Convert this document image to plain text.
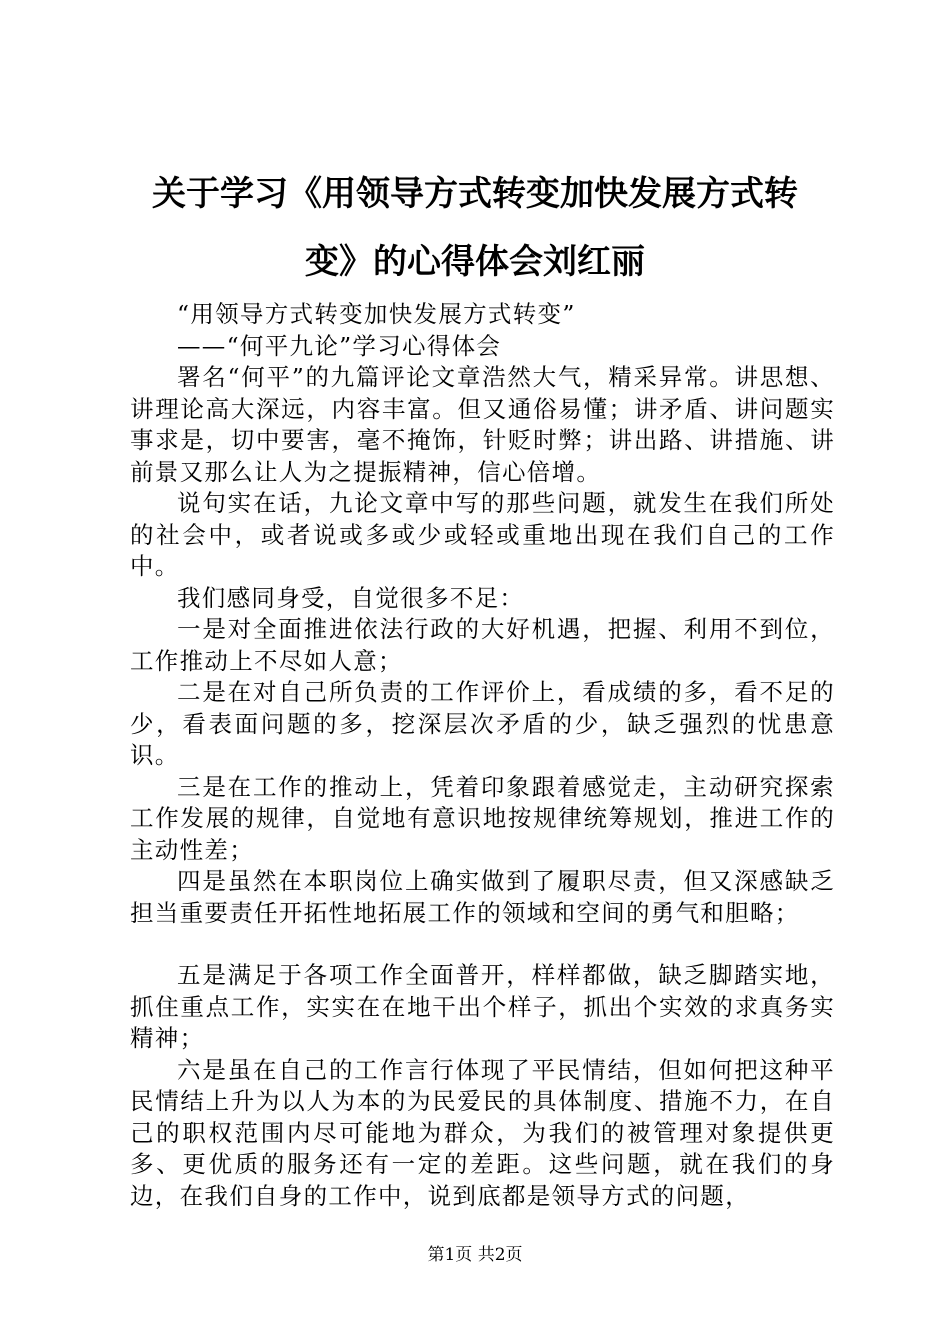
关于学习《用领导方式转变加快发展方式转
变》的心得体会刘红丽

“用领导方式转变加快发展方式转变”

——“何平九论”学习心得体会

署名“何平”的九篇评论文章浩然大气，精采异常。讲思想、讲理论高大深远，内容丰富。但又通俗易懂；讲矛盾、讲问题实事求是，切中要害，毫不掩饰，针贬时弊；讲出路、讲措施、讲前景又那么让人为之提振精神，信心倍增。

说句实在话，九论文章中写的那些问题，就发生在我们所处的社会中，或者说或多或少或轻或重地出现在我们自己的工作中。

我们感同身受，自觉很多不足：

一是对全面推进依法行政的大好机遇，把握、利用不到位，工作推动上不尽如人意；

二是在对自己所负责的工作评价上，看成绩的多，看不足的少，看表面问题的多，挖深层次矛盾的少，缺乏强烈的忧患意识。

三是在工作的推动上，凭着印象跟着感觉走，主动研究探索工作发展的规律，自觉地有意识地按规律统筹规划，推进工作的主动性差；

四是虽然在本职岗位上确实做到了履职尽责，但又深感缺乏担当重要责任开拓性地拓展工作的领域和空间的勇气和胆略；

五是满足于各项工作全面普开，样样都做，缺乏脚踏实地，抓住重点工作，实实在在地干出个样子，抓出个实效的求真务实精神；

六是虽在自己的工作言行体现了平民情结，但如何把这种平民情结上升为以人为本的为民爱民的具体制度、措施不力，在自己的职权范围内尽可能地为群众，为我们的被管理对象提供更多、更优质的服务还有一定的差距。这些问题，就在我们的身边，在我们自身的工作中，说到底都是领导方式的问题，

第1页 共2页
